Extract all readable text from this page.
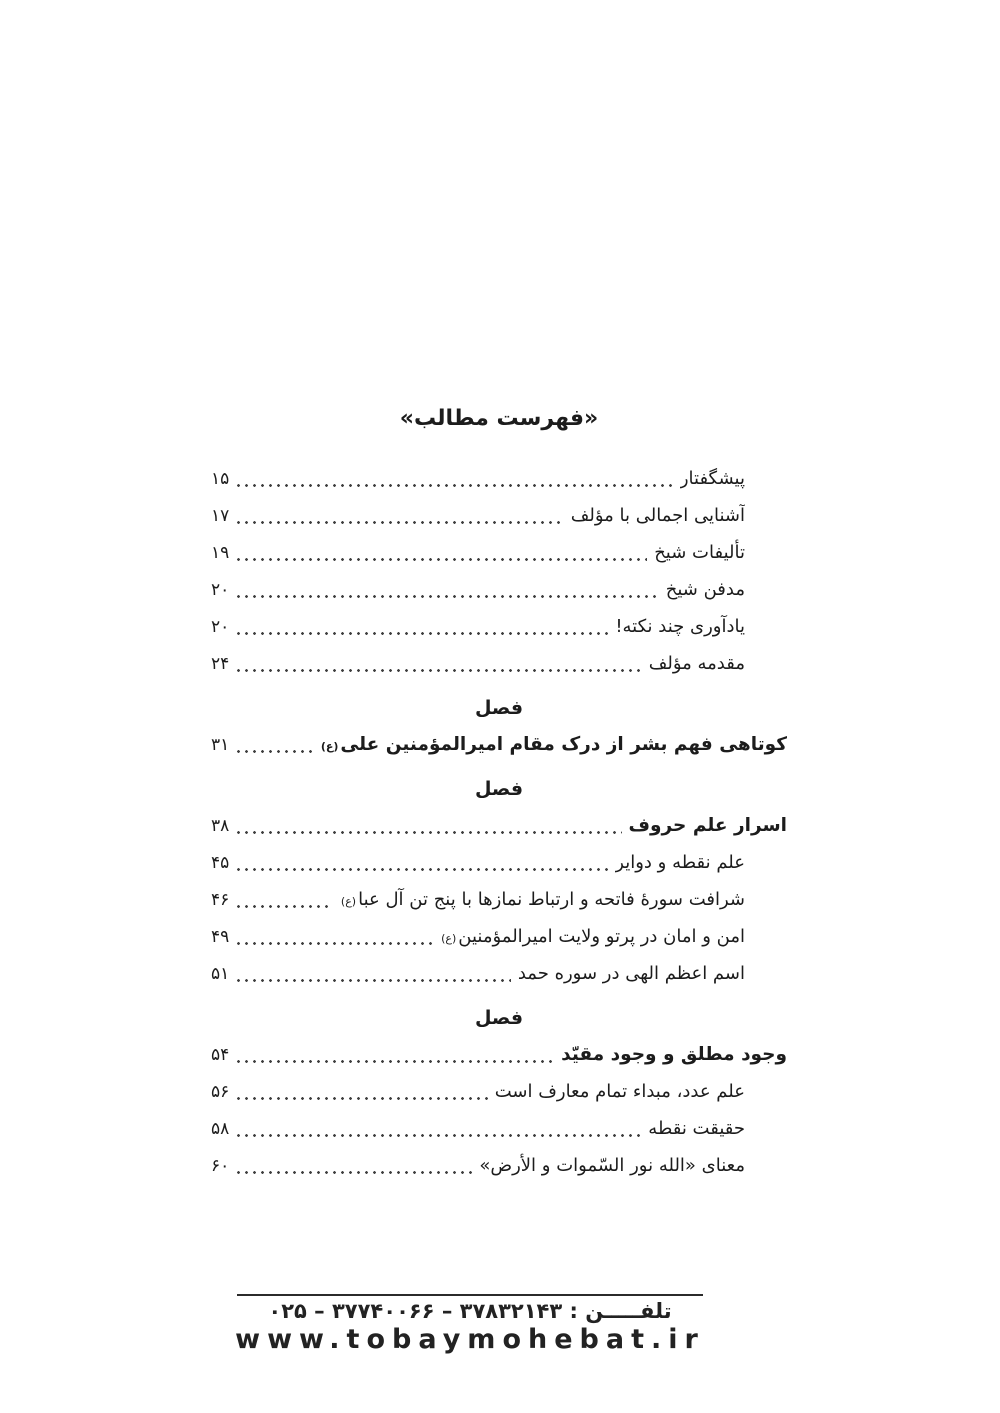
«فهرست مطالب»
پیشگفتار
۱۵
آشنایی اجمالی با مؤلف
۱۷
تألیفات شیخ
۱۹
مدفن شیخ
۲۰
یادآوری چند نکته!
۲۰
مقدمه مؤلف
۲۴
فصل
کوتاهی فهم بشر از درک مقام امیرالمؤمنین علی(ع)
۳۱
فصل
اسرار علم حروف
۳۸
علم نقطه و دوایر
۴۵
شرافت سورهٔ فاتحه و ارتباط نمازها با پنج تن آل عبا(ع)
۴۶
امن و امان در پرتو ولایت امیرالمؤمنین(ع)
۴۹
اسم اعظم الهی در سوره حمد
۵۱
فصل
وجود مطلق و وجود مقیّد
۵۴
علم عدد، مبداء تمام معارف است
۵۶
حقیقت نقطه
۵۸
معنای «الله نور السّموات و الأرض»
۶۰
تلفـــــن : ۳۷۸۳۲۱۴۳ – ۳۷۷۴۰۰۶۶ – ۰۲۵
www.tobaymohebat.ir
